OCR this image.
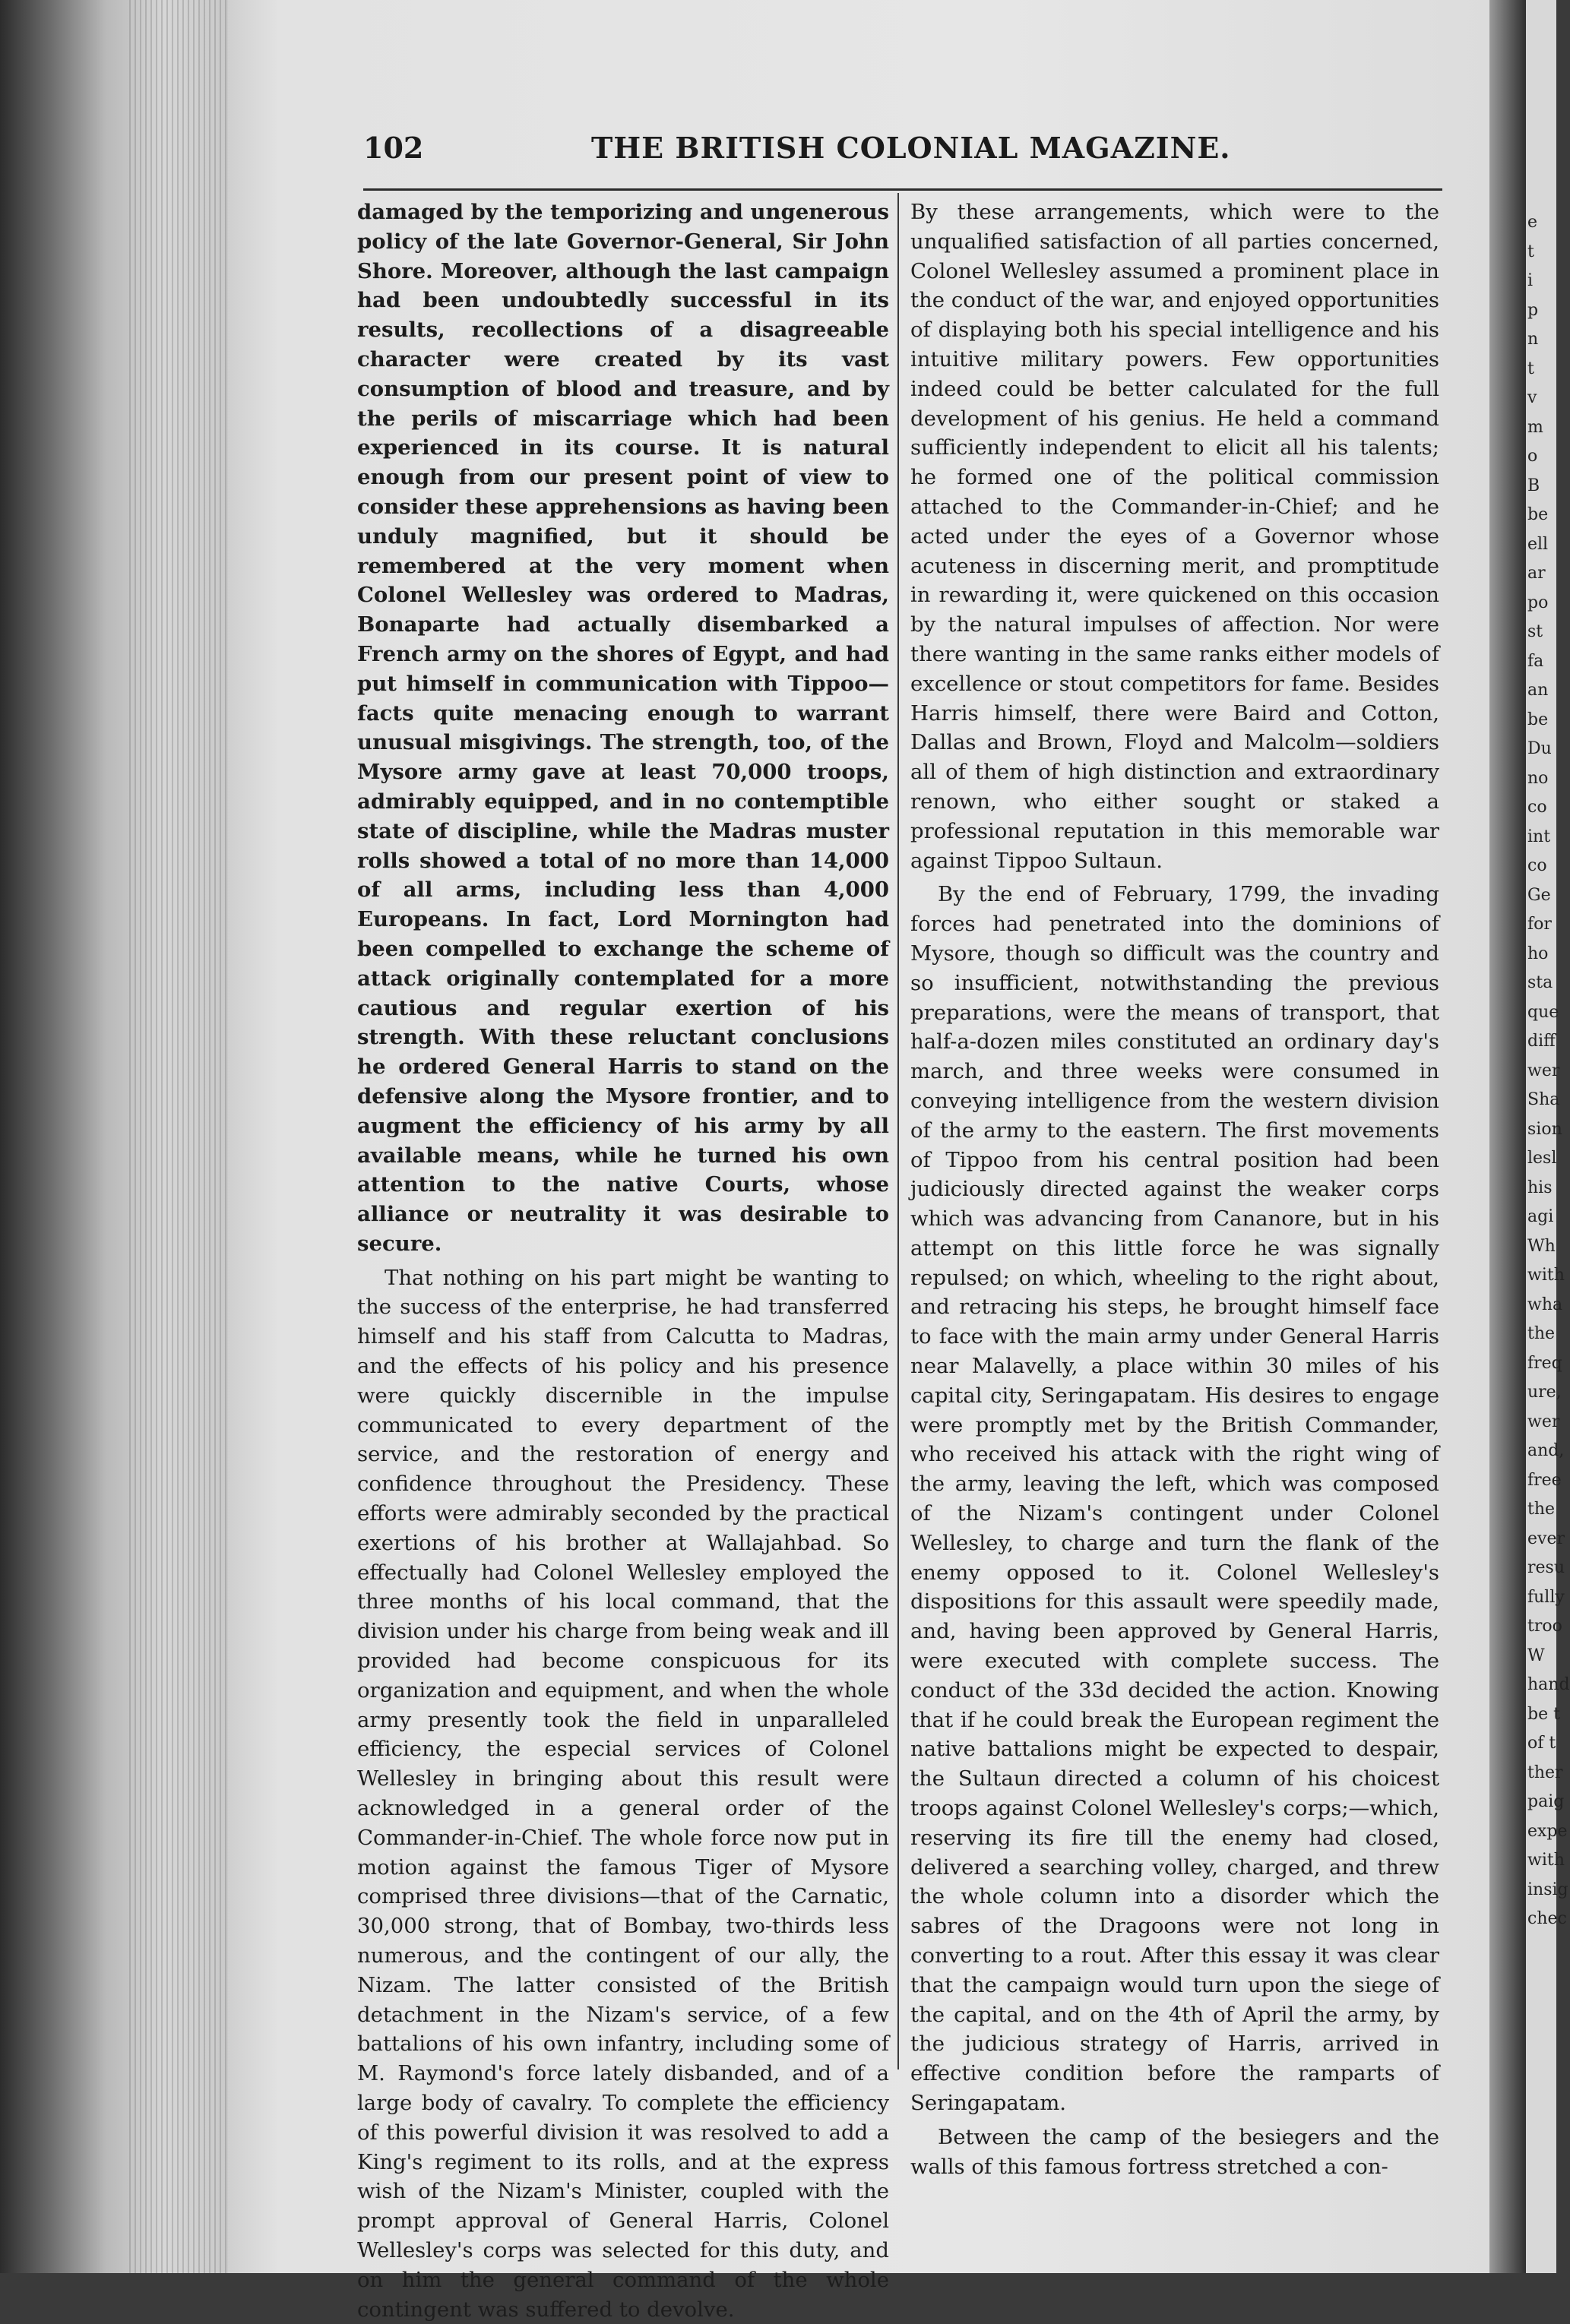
e
t
i
p
n
t
v
m
o
B
be
ell
ar
po
st
fa
an
be
Du
no
co
int
co
Ge
for
ho
sta
que
diff
wer
Sha
sion
lesl
his
agi
Wh
with
wha
the
freq
ure,
wer
and,
free
the
ever
resu
fully
troo
W
hand
be t
of t
ther
paig
expe
with
insig
chec
102	THE BRITISH COLONIAL MAGAZINE.

damaged by the temporizing and ungenerous policy of the late Governor-General, Sir John Shore. Moreover, although the last campaign had been undoubtedly successful in its results, recollections of a disagreeable character were created by its vast consumption of blood and treasure, and by the perils of miscarriage which had been experienced in its course. It is natural enough from our present point of view to consider these apprehensions as having been unduly magnified, but it should be remembered at the very moment when Colonel Wellesley was ordered to Madras, Bonaparte had actually disembarked a French army on the shores of Egypt, and had put himself in communication with Tippoo—facts quite menacing enough to warrant unusual misgivings. The strength, too, of the Mysore army gave at least 70,000 troops, admirably equipped, and in no contemptible state of discipline, while the Madras muster rolls showed a total of no more than 14,000 of all arms, including less than 4,000 Europeans. In fact, Lord Mornington had been compelled to exchange the scheme of attack originally contemplated for a more cautious and regular exertion of his strength. With these reluctant conclusions he ordered General Harris to stand on the defensive along the Mysore frontier, and to augment the efficiency of his army by all available means, while he turned his own attention to the native Courts, whose alliance or neutrality it was desirable to secure.

That nothing on his part might be wanting to the success of the enterprise, he had transferred himself and his staff from Calcutta to Madras, and the effects of his policy and his presence were quickly discernible in the impulse communicated to every department of the service, and the restoration of energy and confidence throughout the Presidency. These efforts were admirably seconded by the practical exertions of his brother at Wallajahbad. So effectually had Colonel Wellesley employed the three months of his local command, that the division under his charge from being weak and ill provided had become conspicuous for its organization and equipment, and when the whole army presently took the field in unparalleled efficiency, the especial services of Colonel Wellesley in bringing about this result were acknowledged in a general order of the Commander-in-Chief. The whole force now put in motion against the famous Tiger of Mysore comprised three divisions—that of the Carnatic, 30,000 strong, that of Bombay, two-thirds less numerous, and the contingent of our ally, the Nizam. The latter consisted of the British detachment in the Nizam's service, of a few battalions of his own infantry, including some of M. Raymond's force lately disbanded, and of a large body of cavalry. To complete the efficiency of this powerful division it was resolved to add a King's regiment to its rolls, and at the express wish of the Nizam's Minister, coupled with the prompt approval of General Harris, Colonel Wellesley's corps was selected for this duty, and on him the general command of the whole contingent was suffered to devolve.

By these arrangements, which were to the unqualified satisfaction of all parties concerned, Colonel Wellesley assumed a prominent place in the conduct of the war, and enjoyed opportunities of displaying both his special intelligence and his intuitive military powers. Few opportunities indeed could be better calculated for the full development of his genius. He held a command sufficiently independent to elicit all his talents; he formed one of the political commission attached to the Commander-in-Chief; and he acted under the eyes of a Governor whose acuteness in discerning merit, and promptitude in rewarding it, were quickened on this occasion by the natural impulses of affection. Nor were there wanting in the same ranks either models of excellence or stout competitors for fame. Besides Harris himself, there were Baird and Cotton, Dallas and Brown, Floyd and Malcolm—soldiers all of them of high distinction and extraordinary renown, who either sought or staked a professional reputation in this memorable war against Tippoo Sultaun.

By the end of February, 1799, the invading forces had penetrated into the dominions of Mysore, though so difficult was the country and so insufficient, notwithstanding the previous preparations, were the means of transport, that half-a-dozen miles constituted an ordinary day's march, and three weeks were consumed in conveying intelligence from the western division of the army to the eastern. The first movements of Tippoo from his central position had been judiciously directed against the weaker corps which was advancing from Cananore, but in his attempt on this little force he was signally repulsed; on which, wheeling to the right about, and retracing his steps, he brought himself face to face with the main army under General Harris near Malavelly, a place within 30 miles of his capital city, Seringapatam. His desires to engage were promptly met by the British Commander, who received his attack with the right wing of the army, leaving the left, which was composed of the Nizam's contingent under Colonel Wellesley, to charge and turn the flank of the enemy opposed to it. Colonel Wellesley's dispositions for this assault were speedily made, and, having been approved by General Harris, were executed with complete success. The conduct of the 33d decided the action. Knowing that if he could break the European regiment the native battalions might be expected to despair, the Sultaun directed a column of his choicest troops against Colonel Wellesley's corps;—which, reserving its fire till the enemy had closed, delivered a searching volley, charged, and threw the whole column into a disorder which the sabres of the Dragoons were not long in converting to a rout. After this essay it was clear that the campaign would turn upon the siege of the capital, and on the 4th of April the army, by the judicious strategy of Harris, arrived in effective condition before the ramparts of Seringapatam.

Between the camp of the besiegers and the walls of this famous fortress stretched a con-
